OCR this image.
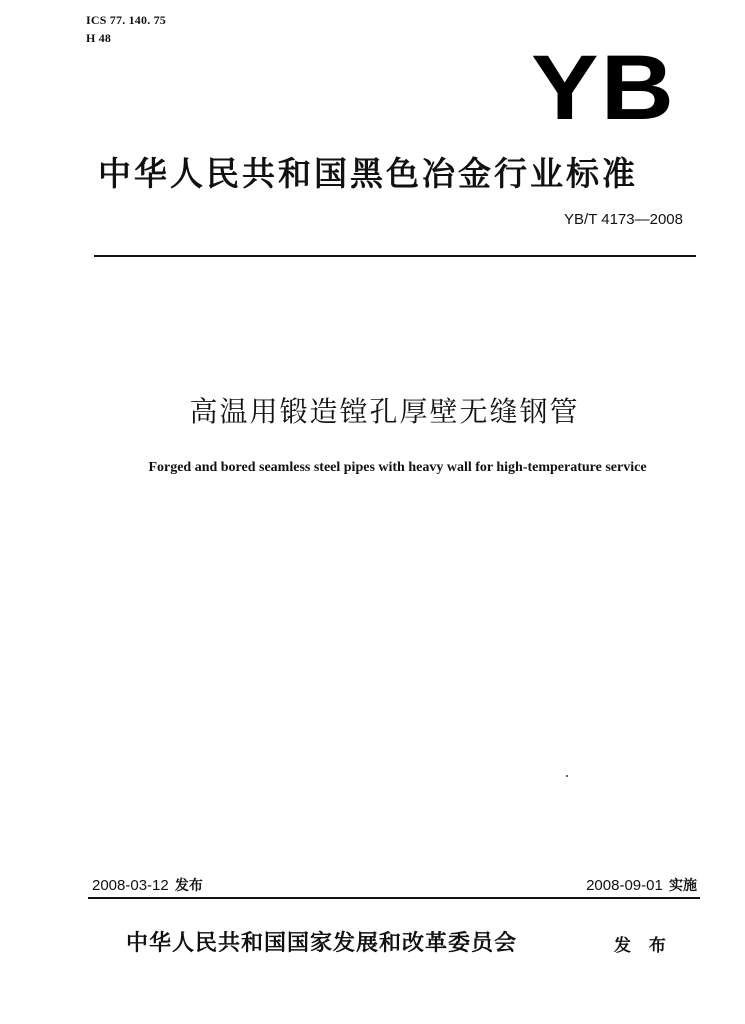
ICS 77. 140. 75
H 48	YB
中华人民共和国黑色冶金行业标准
YB/T 4173—2008
高温用锻造镗孔厚壁无缝钢管
Forged and bored seamless steel pipes with heavy wall for high-temperature service
2008-03-12 发布	2008-09-01 实施
中华人民共和国国家发展和改革委员会	发 布
